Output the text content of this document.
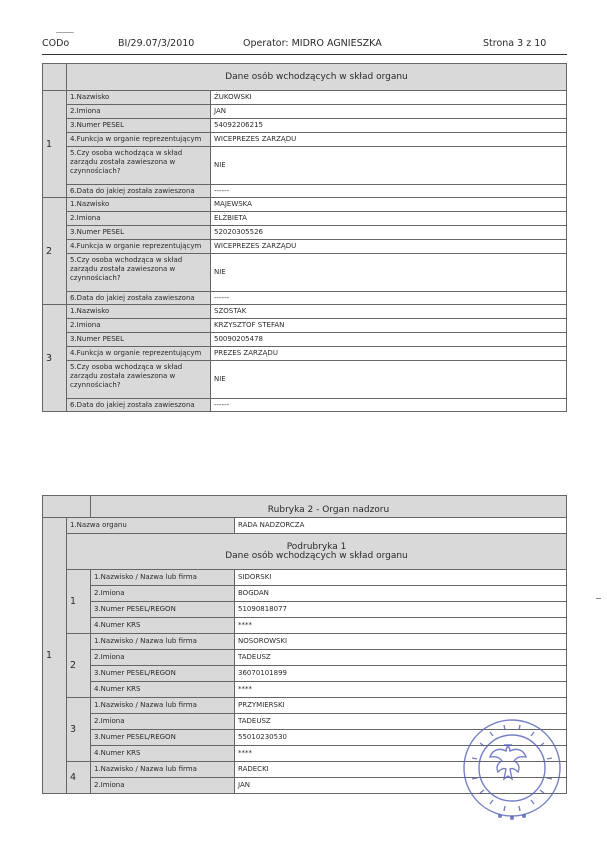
CODo	BI/29.07/3/2010	Operator: MIDRO AGNIESZKA	Strona 3 z 10
	Dane osób wchodzących w skład organu	
1	1.Nazwisko	ŻUKOWSKI
	2.Imiona	JAN
	3.Numer PESEL	54092206215
	4.Funkcja w organie reprezentującym	WICEPREZES ZARZĄDU
	5.Czy osoba wchodząca w skład zarządu została zawieszona w czynnościach?	NIE
	6.Data do jakiej została zawieszona	------
2	1.Nazwisko	MAJEWSKA
	2.Imiona	ELŻBIETA
	3.Numer PESEL	52020305526
	4.Funkcja w organie reprezentującym	WICEPREZES ZARZĄDU
	5.Czy osoba wchodząca w skład zarządu została zawieszona w czynnościach?	NIE
	6.Data do jakiej została zawieszona	------
3	1.Nazwisko	SZOSTAK
	2.Imiona	KRZYSZTOF STEFAN
	3.Numer PESEL	50090205478
	4.Funkcja w organie reprezentującym	PREZES ZARZĄDU
	5.Czy osoba wchodząca w skład zarządu została zawieszona w czynnościach?	NIE
	6.Data do jakiej została zawieszona	------
		Rubryka 2 - Organ nadzoru	
1	1.Nazwa organu		RADA NADZORCZA

	Podrubryka 1
Dane osób wchodzących w skład organu		

	1	1.Nazwisko / Nazwa lub firma	SIDORSKI
		2.Imiona	BOGDAN
		3.Numer PESEL/REGON	51090818077
		4.Numer KRS	****
	2	1.Nazwisko / Nazwa lub firma	NOSOROWSKI
		2.Imiona	TADEUSZ
		3.Numer PESEL/REGON	36070101899
		4.Numer KRS	****
	3	1.Nazwisko / Nazwa lub firma	PRZYMIERSKI
		2.Imiona	TADEUSZ
		3.Numer PESEL/REGON	55010230530
		4.Numer KRS	****
	4	1.Nazwisko / Nazwa lub firma	RADECKI
		2.Imiona	JAN
